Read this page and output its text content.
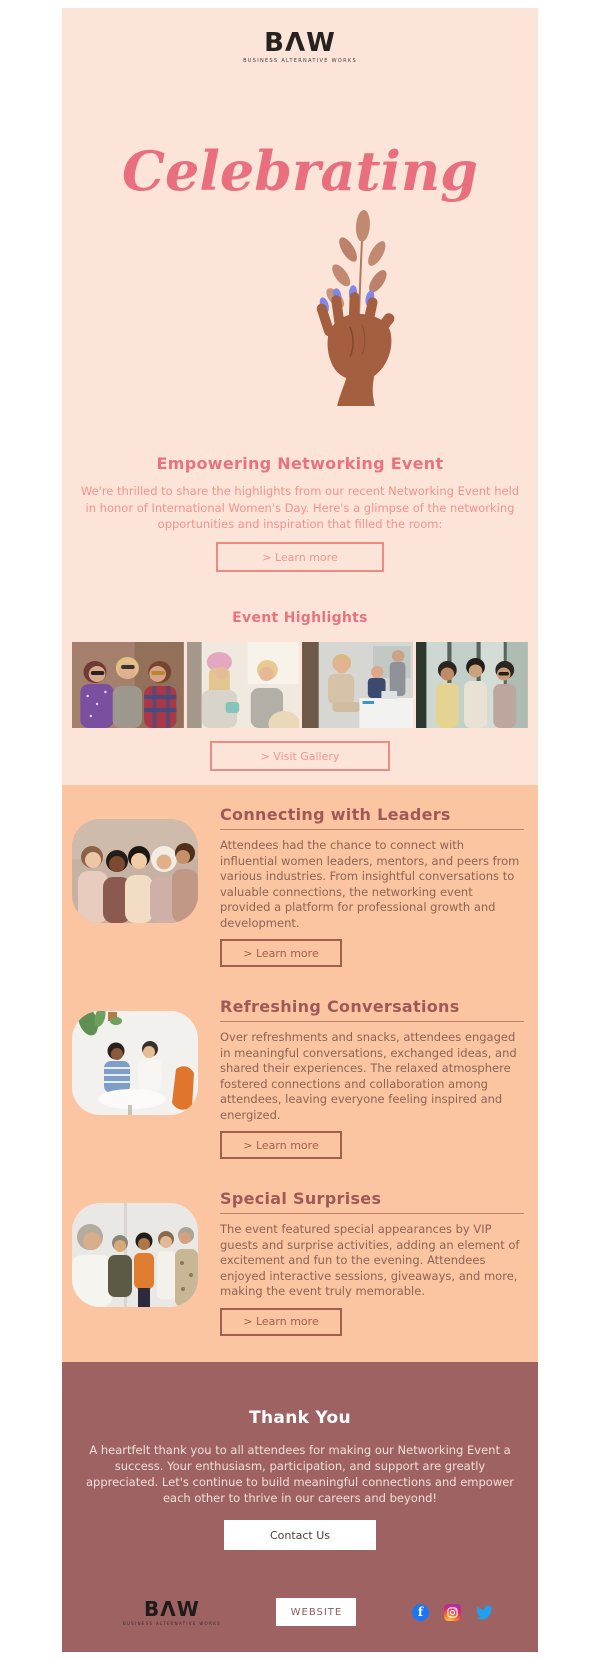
BΛW
BUSINESS ALTERNATIVE WORKS
Celebrating
Empowering Networking Event

We're thrilled to share the highlights from our recent Networking Event held in honor of International Women's Day. Here's a glimpse of the networking opportunities and inspiration that filled the room:

> Learn more
Event Highlights
> Visit Gallery
Connecting with Leaders

Attendees had the chance to connect with influential women leaders, mentors, and peers from various industries. From insightful conversations to valuable connections, the networking event provided a platform for professional growth and development.

> Learn more
Refreshing Conversations

Over refreshments and snacks, attendees engaged in meaningful conversations, exchanged ideas, and shared their experiences. The relaxed atmosphere fostered connections and collaboration among attendees, leaving everyone feeling inspired and energized.

> Learn more
Special Surprises

The event featured special appearances by VIP guests and surprise activities, adding an element of excitement and fun to the evening. Attendees enjoyed interactive sessions, giveaways, and more, making the event truly memorable.

> Learn more
Thank You

A heartfelt thank you to all attendees for making our Networking Event a success. Your enthusiasm, participation, and support are greatly appreciated. Let's continue to build meaningful connections and empower each other to thrive in our careers and beyond!

Contact Us
BΛW
BUSINESS ALTERNATIVE WORKS
WEBSITE	f
